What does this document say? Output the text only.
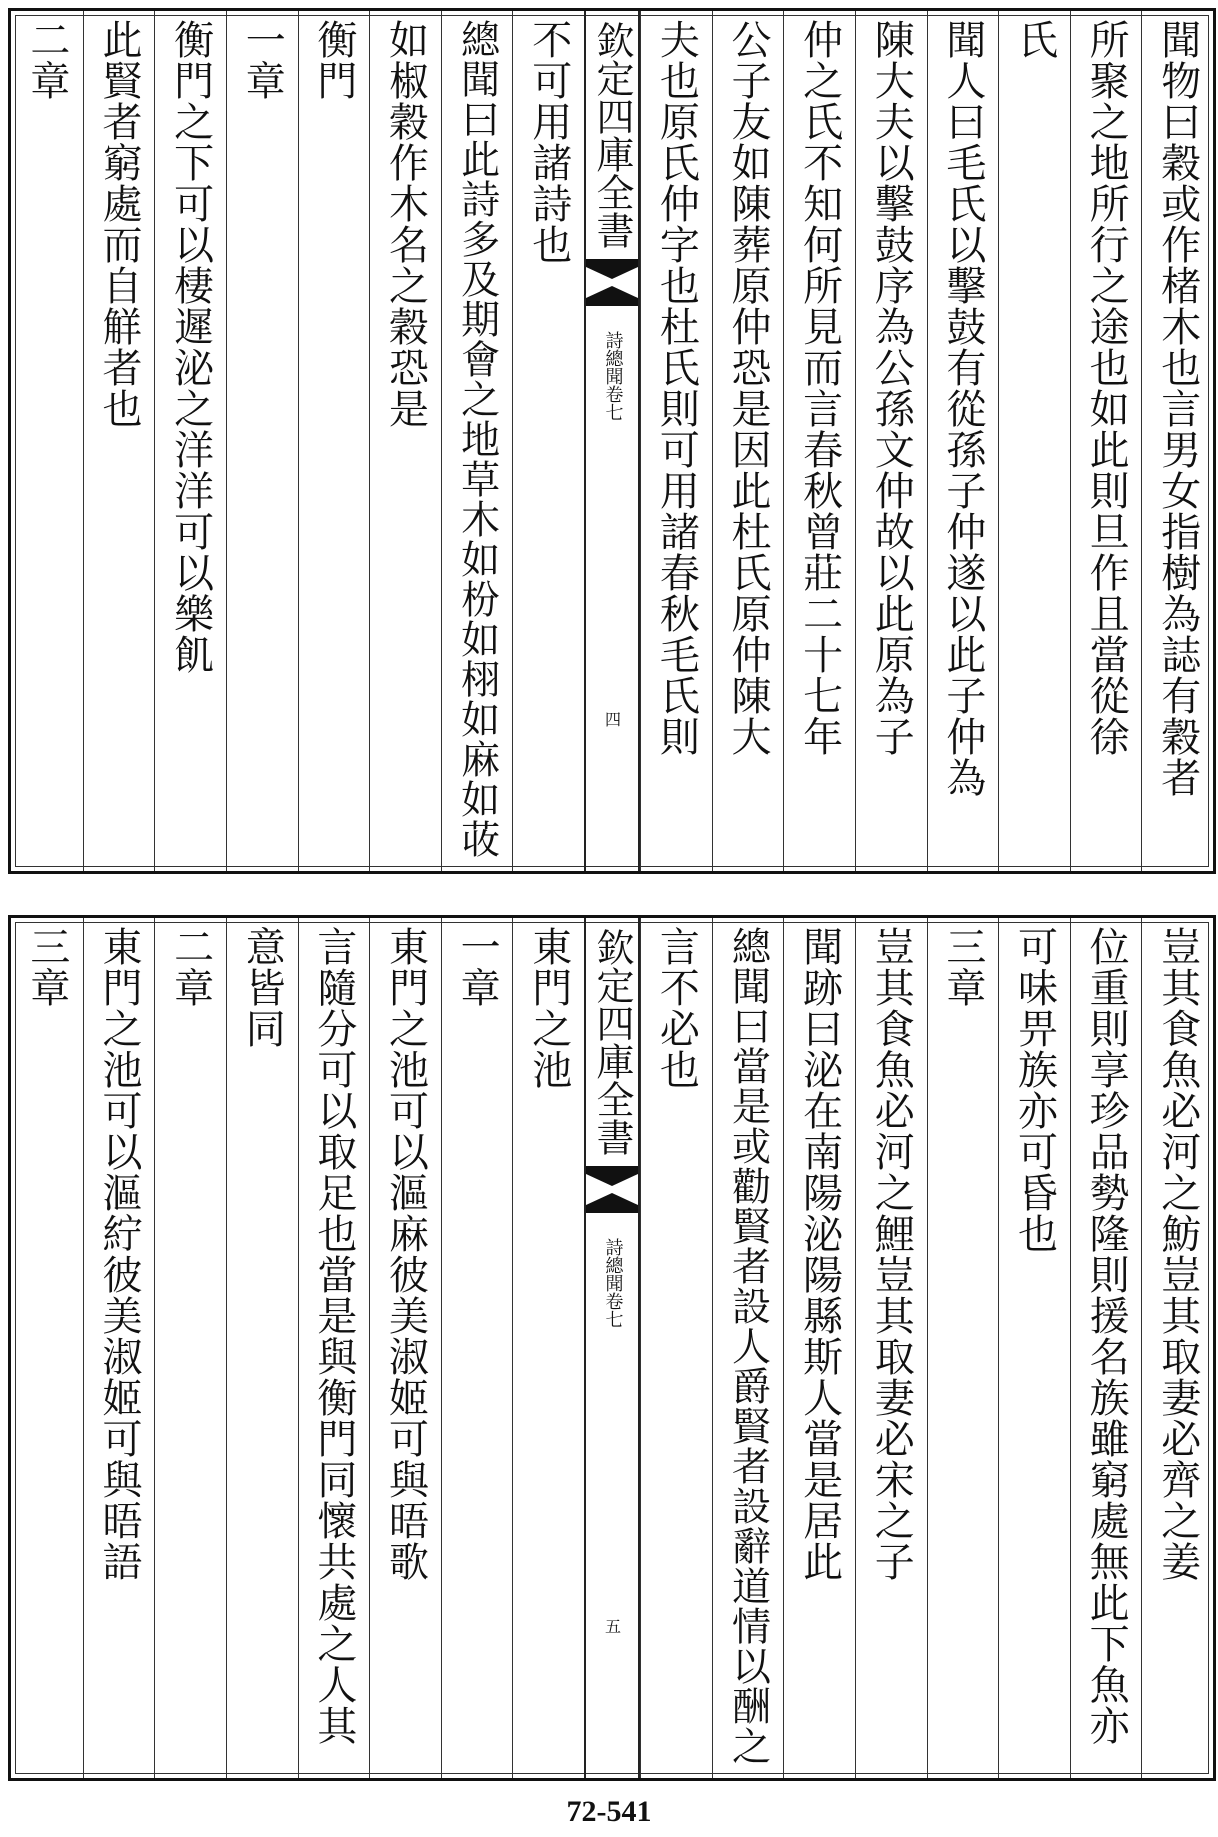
聞物曰穀或作楮木也言男女指樹為誌有穀者
所聚之地所行之途也如此則旦作且當從徐
氏
聞人曰毛氏以擊鼓有從孫子仲遂以此子仲為
陳大夫以擊鼓序為公孫文仲故以此原為子
仲之氏不知何所見而言春秋曾莊二十七年
公子友如陳葬原仲恐是因此杜氏原仲陳大
夫也原氏仲字也杜氏則可用諸春秋毛氏則
欽定四庫全書
詩總聞卷七
四
不可用諸詩也
總聞曰此詩多及期會之地草木如枌如栩如麻如荍
如椒穀作木名之穀恐是
衡門
一章
衡門之下可以棲遲泌之洋洋可以樂飢
此賢者窮處而自觧者也
二章
豈其食魚必河之魴豈其取妻必齊之姜
位重則享珍品勢隆則援名族雖窮處無此下魚亦
可味畀族亦可昏也
三章
豈其食魚必河之鯉豈其取妻必宋之子
聞跡曰泌在南陽泌陽縣斯人當是居此
總聞曰當是或勸賢者設人爵賢者設辭道情以酬之
言不必也
欽定四庫全書
詩總聞卷七
五
東門之池
一章
東門之池可以漚麻彼美淑姬可與晤歌
言隨分可以取足也當是與衡門同懷共處之人其
意皆同
二章
東門之池可以漚紵彼美淑姬可與晤語
三章
72-541
